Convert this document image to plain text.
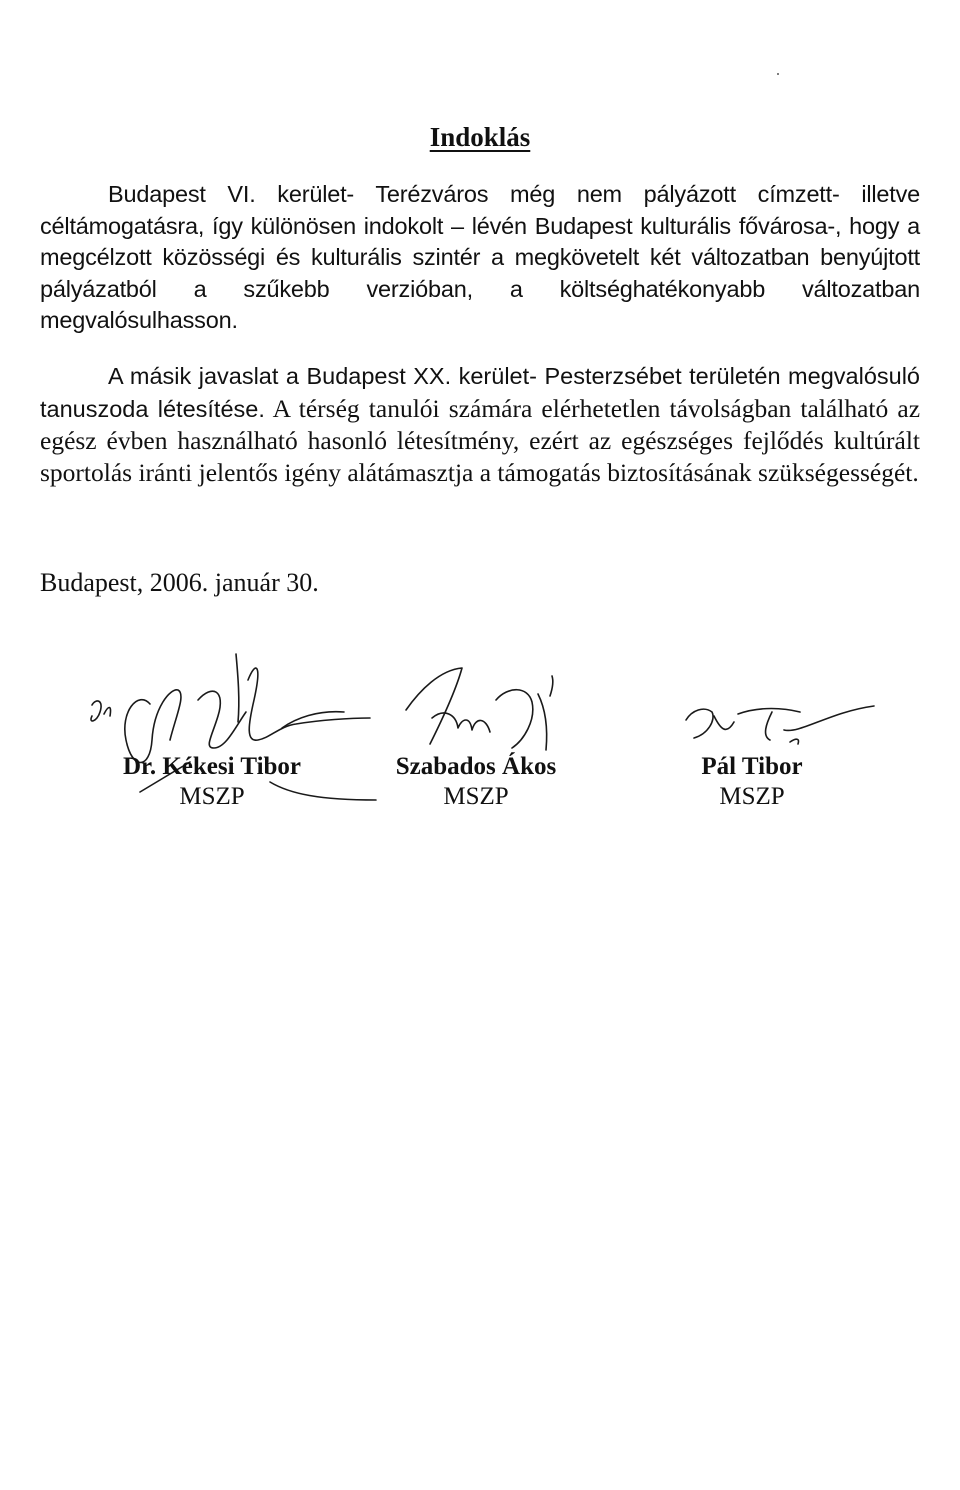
Indoklás

Budapest VI. kerület- Terézváros még nem pályázott címzett- illetve céltámogatásra, így különösen indokolt – lévén Budapest kulturális fővárosa-, hogy a megcélzott közösségi és kulturális szintér a megkövetelt két változatban benyújtott pályázatból a szűkebb verzióban, a költséghatékonyabb változatban megvalósulhasson.

A másik javaslat a Budapest XX. kerület- Pesterzsébet területén megvalósuló tanuszoda létesítése. A térség tanulói számára elérhetetlen távolságban található az egész évben használható hasonló létesítmény, ezért az egészséges fejlődés kultúrált sportolás iránti jelentős igény alátámasztja a támogatás biztosításának szükségességét.

Budapest, 2006. január 30.

Dr. Kékesi Tibor
MSZP
Szabados Ákos
MSZP
Pál Tibor
MSZP
